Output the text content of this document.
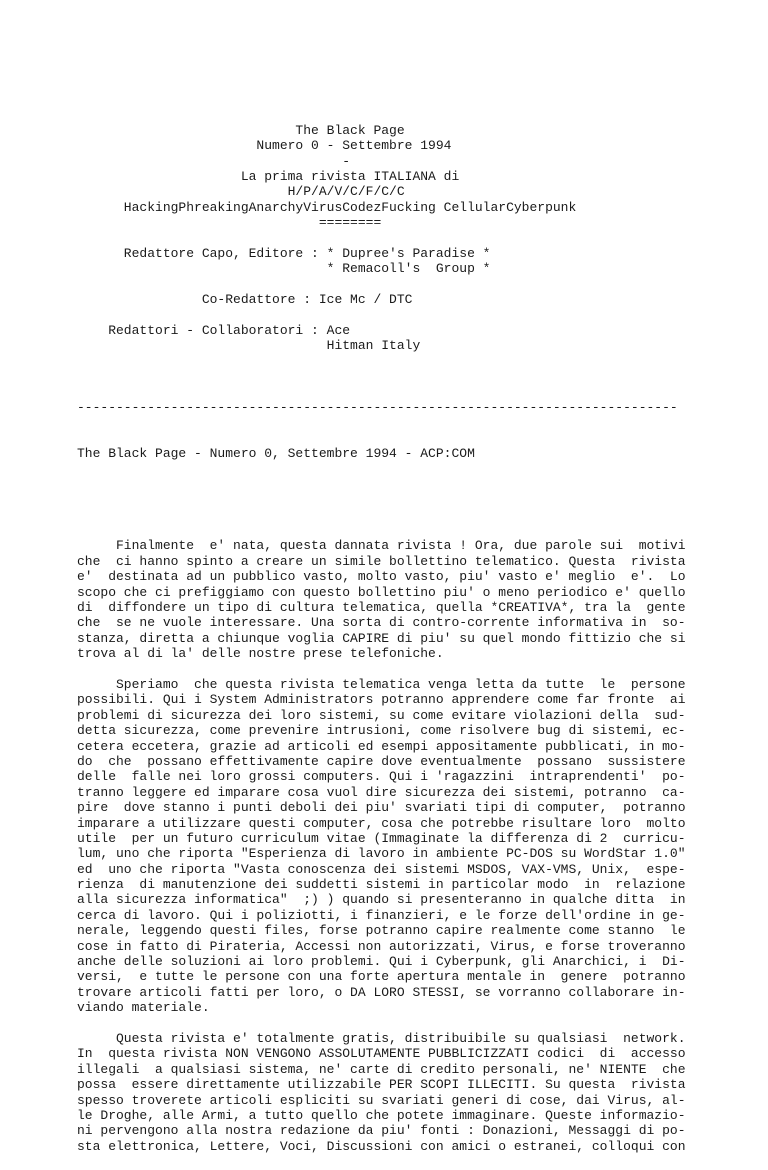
The Black Page
Numero 0 - Settembre 1994
-
La prima rivista ITALIANA di
H/P/A/V/C/F/C/C
HackingPhreakingAnarchyVirusCodezFucking CellularCyberpunk
========
Redattore Capo, Editore : * Dupree's Paradise *
* Remacoll's  Group *
Co-Redattore : Ice Mc / DTC
Redattori - Collaboratori : Ace
Hitman Italy

-----------------------------------------------------------------------------

The Black Page - Numero 0, Settembre 1994 - ACP:COM

Finalmente  e' nata, questa dannata rivista ! Ora, due parole sui  motivi
che  ci hanno spinto a creare un simile bollettino telematico. Questa  rivista
e'  destinata ad un pubblico vasto, molto vasto, piu' vasto e' meglio  e'.  Lo
scopo che ci prefiggiamo con questo bollettino piu' o meno periodico e' quello
di  diffondere un tipo di cultura telematica, quella *CREATIVA*, tra la  gente
che  se ne vuole interessare. Una sorta di contro-corrente informativa in  so-
stanza, diretta a chiunque voglia CAPIRE di piu' su quel mondo fittizio che si
trova al di la' delle nostre prese telefoniche.
Speriamo  che questa rivista telematica venga letta da tutte  le  persone
possibili. Qui i System Administrators potranno apprendere come far fronte  ai
problemi di sicurezza dei loro sistemi, su come evitare violazioni della  sud-
detta sicurezza, come prevenire intrusioni, come risolvere bug di sistemi, ec-
cetera eccetera, grazie ad articoli ed esempi appositamente pubblicati, in mo-
do  che  possano effettivamente capire dove eventualmente  possano  sussistere
delle  falle nei loro grossi computers. Qui i 'ragazzini  intraprendenti'  po-
tranno leggere ed imparare cosa vuol dire sicurezza dei sistemi, potranno  ca-
pire  dove stanno i punti deboli dei piu' svariati tipi di computer,  potranno
imparare a utilizzare questi computer, cosa che potrebbe risultare loro  molto
utile  per un futuro curriculum vitae (Immaginate la differenza di 2  curricu-
lum, uno che riporta "Esperienza di lavoro in ambiente PC-DOS su WordStar 1.0"
ed  uno che riporta "Vasta conoscenza dei sistemi MSDOS, VAX-VMS, Unix,  espe-
rienza  di manutenzione dei suddetti sistemi in particolar modo  in  relazione
alla sicurezza informatica"  ;) ) quando si presenteranno in qualche ditta  in
cerca di lavoro. Qui i poliziotti, i finanzieri, e le forze dell'ordine in ge-
nerale, leggendo questi files, forse potranno capire realmente come stanno  le
cose in fatto di Pirateria, Accessi non autorizzati, Virus, e forse troveranno
anche delle soluzioni ai loro problemi. Qui i Cyberpunk, gli Anarchici, i  Di-
versi,  e tutte le persone con una forte apertura mentale in  genere  potranno
trovare articoli fatti per loro, o DA LORO STESSI, se vorranno collaborare in-
viando materiale.
Questa rivista e' totalmente gratis, distribuibile su qualsiasi  network.
In  questa rivista NON VENGONO ASSOLUTAMENTE PUBBLICIZZATI codici  di  accesso
illegali  a qualsiasi sistema, ne' carte di credito personali, ne' NIENTE  che
possa  essere direttamente utilizzabile PER SCOPI ILLECITI. Su questa  rivista
spesso troverete articoli espliciti su svariati generi di cose, dai Virus, al-
le Droghe, alle Armi, a tutto quello che potete immaginare. Queste informazio-
ni pervengono alla nostra redazione da piu' fonti : Donazioni, Messaggi di po-
sta elettronica, Lettere, Voci, Discussioni con amici o estranei, colloqui con
